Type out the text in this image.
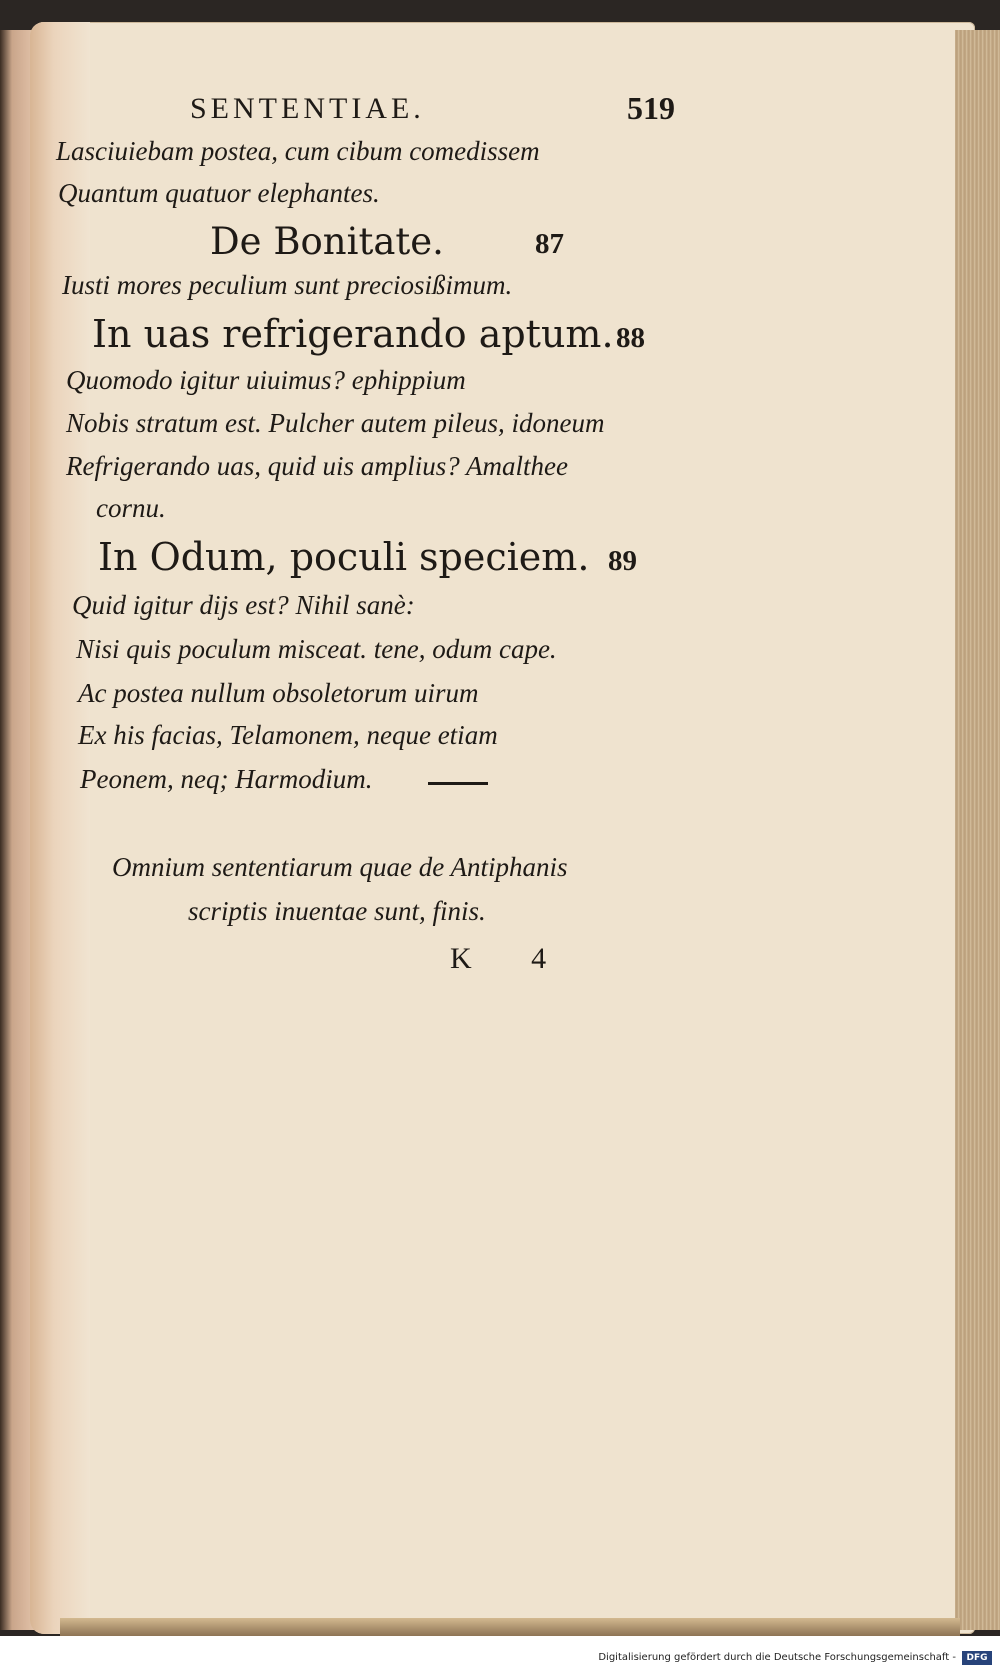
SENTENTIAE.	519
Lasciuiebam postea, cum cibum comedissem
Quantum quatuor elephantes.
De Bonitate.	87
Iusti mores peculium sunt preciosißimum.
In uas refrigerando aptum. 88
Quomodo igitur uiuimus? ephippium
Nobis stratum est. Pulcher autem pileus, idoneum
Refrigerando uas, quid uis amplius? Amalthee
cornu.
In Odum, poculi speciem. 89
Quid igitur dijs est? Nihil sanè:
Nisi quis poculum misceat. tene, odum cape.
Ac postea nullum obsoletorum uirum
Ex his facias, Telamonem, neque etiam
Peonem, neq; Harmodium.
Omnium sententiarum quae de Antiphanis
scriptis inuentae sunt, finis.
K 4
Digitalisierung gefördert durch die Deutsche Forschungsgemeinschaft -	DFG
